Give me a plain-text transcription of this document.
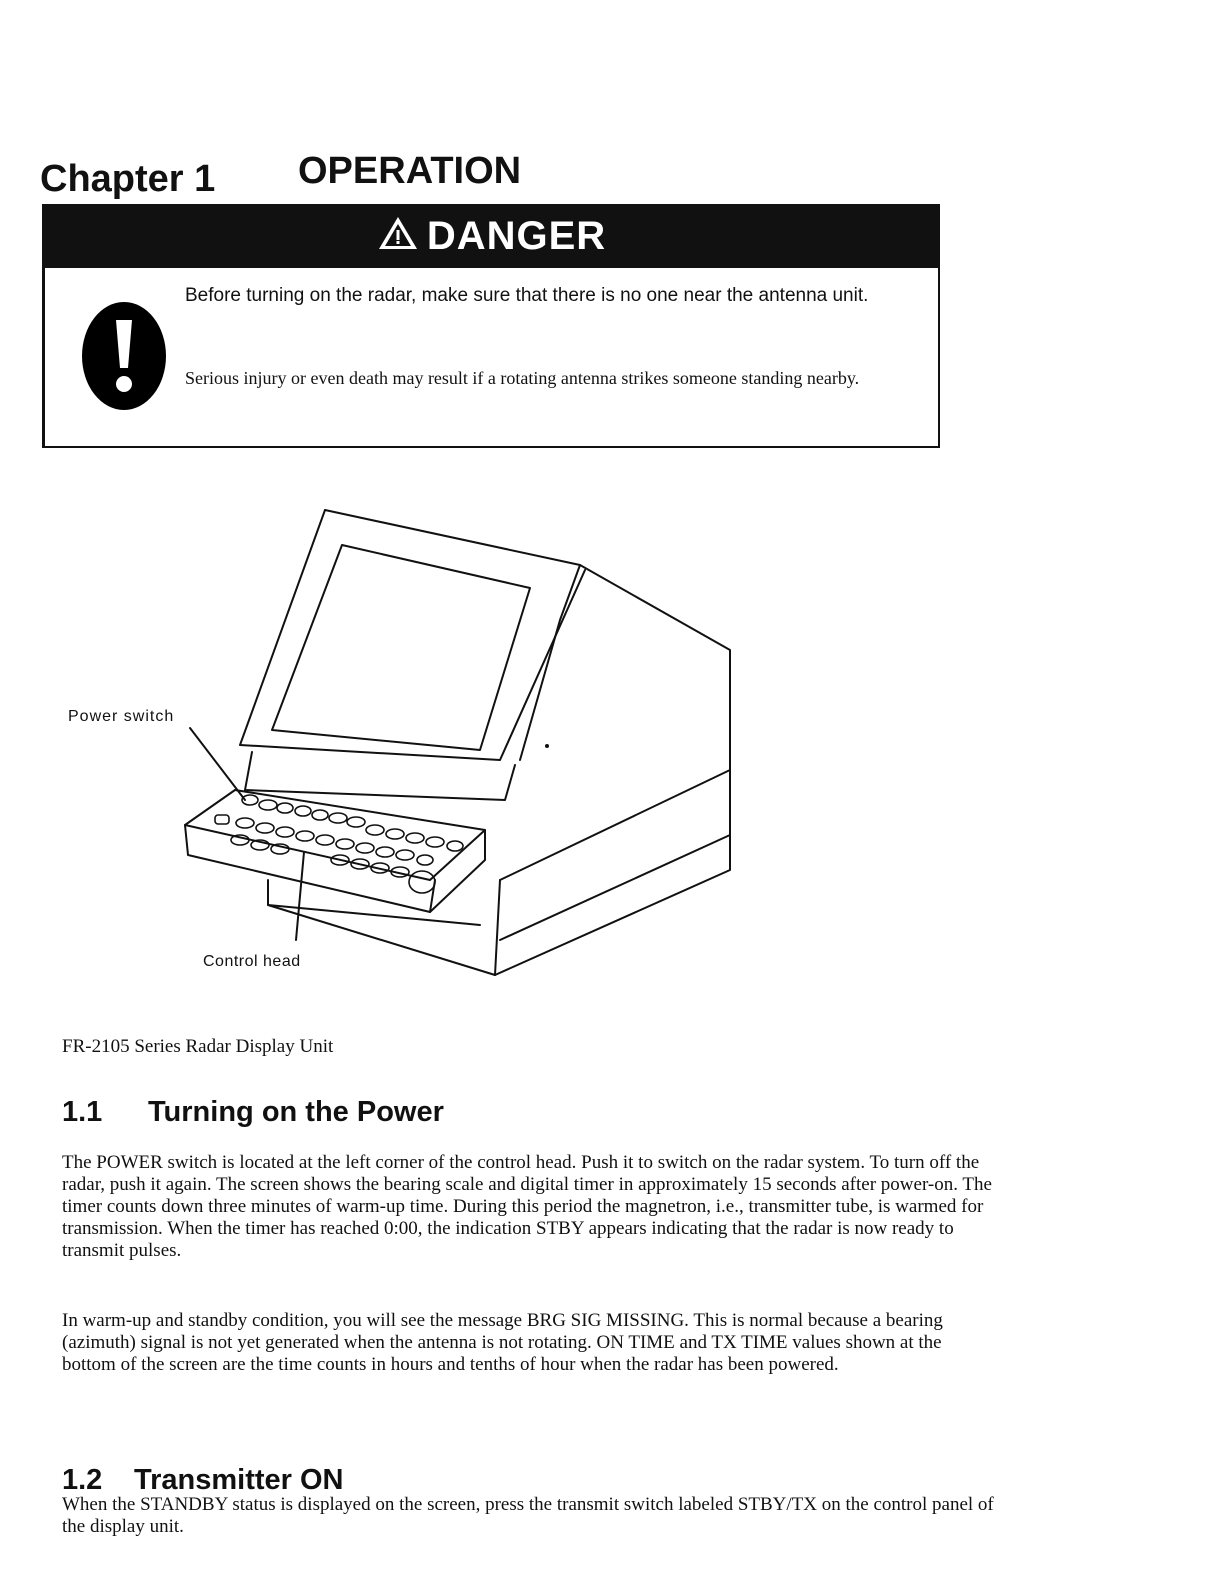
Chapter 1 OPERATION
DANGER
Before turning on the radar, make sure that there is no one near the antenna unit.
Serious injury or even death may result if a rotating antenna strikes someone standing nearby.
Power switch
Control head
FR-2105 Series Radar Display Unit
1.1 Turning on the Power
The POWER switch is located at the left corner of the control head. Push it to switch on the radar system. To turn off the radar, push it again. The screen shows the bearing scale and digital timer in approximately 15 seconds after power-on. The timer counts down three minutes of warm-up time. During this period the magnetron, i.e., transmitter tube, is warmed for transmission. When the timer has reached 0:00, the indication STBY appears indicating that the radar is now ready to transmit pulses.
In warm-up and standby condition, you will see the message BRG SIG MISSING. This is normal because a bearing (azimuth) signal is not yet generated when the antenna is not rotating. ON TIME and TX TIME values shown at the bottom of the screen are the time counts in hours and tenths of hour when the radar has been powered.
1.2 Transmitter ON
When the STANDBY status is displayed on the screen, press the transmit switch labeled STBY/TX on the control panel of the display unit.
